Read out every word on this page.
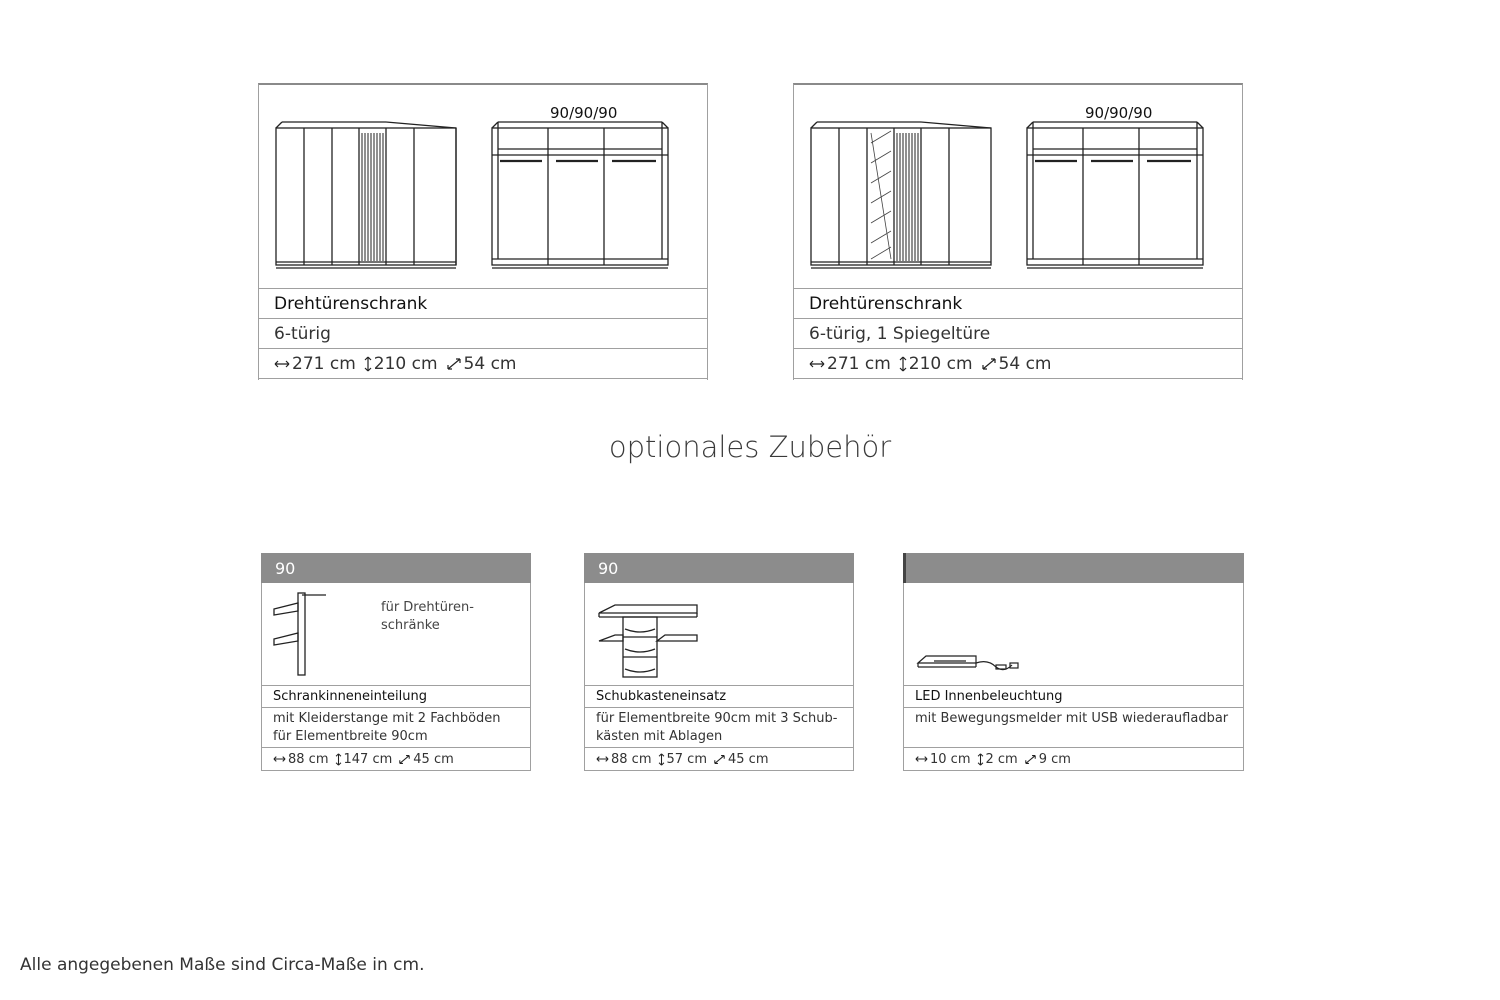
90/90/90
Drehtürenschrank
6-türig
271 cm 210 cm 54 cm
90/90/90
Drehtürenschrank
6-türig, 1 Spiegeltüre
271 cm 210 cm 54 cm
optionales Zubehör
90
für Drehtüren-
schränke
Schrankinneneinteilung
mit Kleiderstange mit 2 Fachböden
für Elementbreite 90cm
88 cm 147 cm 45 cm
90
Schubkasteneinsatz
für Elementbreite 90cm mit 3 Schub-
kästen mit Ablagen
88 cm 57 cm 45 cm
LED Innenbeleuchtung
mit Bewegungsmelder mit USB wiederaufladbar
10 cm 2 cm 9 cm
Alle angegebenen Maße sind Circa-Maße in cm.
